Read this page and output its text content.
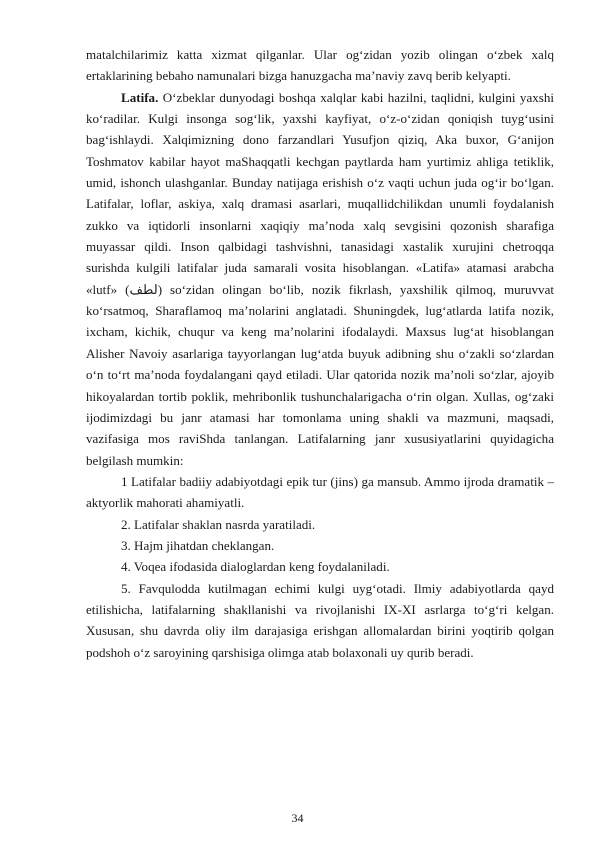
matalchilarimiz katta xizmat qilganlar. Ular og‘zidan yozib olingan o‘zbek xalq ertaklarining bebaho namunalari bizga hanuzgacha ma’naviy zavq berib kelyapti.

Latifa. O‘zbeklar dunyodagi boshqa xalqlar kabi hazilni, taqlidni, kulgini yaxshi ko‘radilar. Kulgi insonga sog‘lik, yaxshi kayfiyat, o‘z-o‘zidan qoniqish tuyg‘usini bag‘ishlaydi. Xalqimizning dono farzandlari Yusufjon qiziq, Aka buxor, G‘anijon Toshmatov kabilar hayot maShaqqatli kechgan paytlarda ham yurtimiz ahliga tetiklik, umid, ishonch ulashganlar. Bunday natijaga erishish o‘z vaqti uchun juda og‘ir bo‘lgan. Latifalar, loflar, askiya, xalq dramasi asarlari, muqallidchilikdan unumli foydalanish zukko va iqtidorli insonlarni xaqiqiy ma’noda xalq sevgisini qozonish sharafiga muyassar qildi. Inson qalbidagi tashvishni, tanasidagi xastalik xurujini chetroqqa surishda kulgili latifalar juda samarali vosita hisoblangan. «Latifa» atamasi arabcha «lutf» (لطف) so‘zidan olingan bo‘lib, nozik fikrlash, yaxshilik qilmoq, muruvvat ko‘rsatmoq, Sharaflamoq ma’nolarini anglatadi. Shuningdek, lug‘atlarda latifa nozik, ixcham, kichik, chuqur va keng ma’nolarini ifodalaydi. Maxsus lug‘at hisoblangan Alisher Navoiy asarlariga tayyorlangan lug‘atda buyuk adibning shu o‘zakli so‘zlardan o‘n to‘rt ma’noda foydalangani qayd etiladi. Ular qatorida nozik ma’noli so‘zlar, ajoyib hikoyalardan tortib poklik, mehribonlik tushunchalarigacha o‘rin olgan. Xullas, og‘zaki ijodimizdagi bu janr atamasi har tomonlama uning shakli va mazmuni, maqsadi, vazifasiga mos raviShda tanlangan. Latifalarning janr xususiyatlarini quyidagicha belgilash mumkin:

1 Latifalar badiiy adabiyotdagi epik tur (jins) ga mansub. Ammo ijroda dramatik – aktyorlik mahorati ahamiyatli.

2. Latifalar shaklan nasrda yaratiladi.

3. Hajm jihatdan cheklangan.

4. Voqea ifodasida dialoglardan keng foydalaniladi.

5. Favqulodda kutilmagan echimi kulgi uyg‘otadi. Ilmiy adabiyotlarda qayd etilishicha, latifalarning shakllanishi va rivojlanishi IX-XI asrlarga to‘g‘ri kelgan. Xususan, shu davrda oliy ilm darajasiga erishgan allomalardan birini yoqtirib qolgan podshoh o‘z saroyining qarshisiga olimga atab bolaxonali uy qurib beradi.

34
